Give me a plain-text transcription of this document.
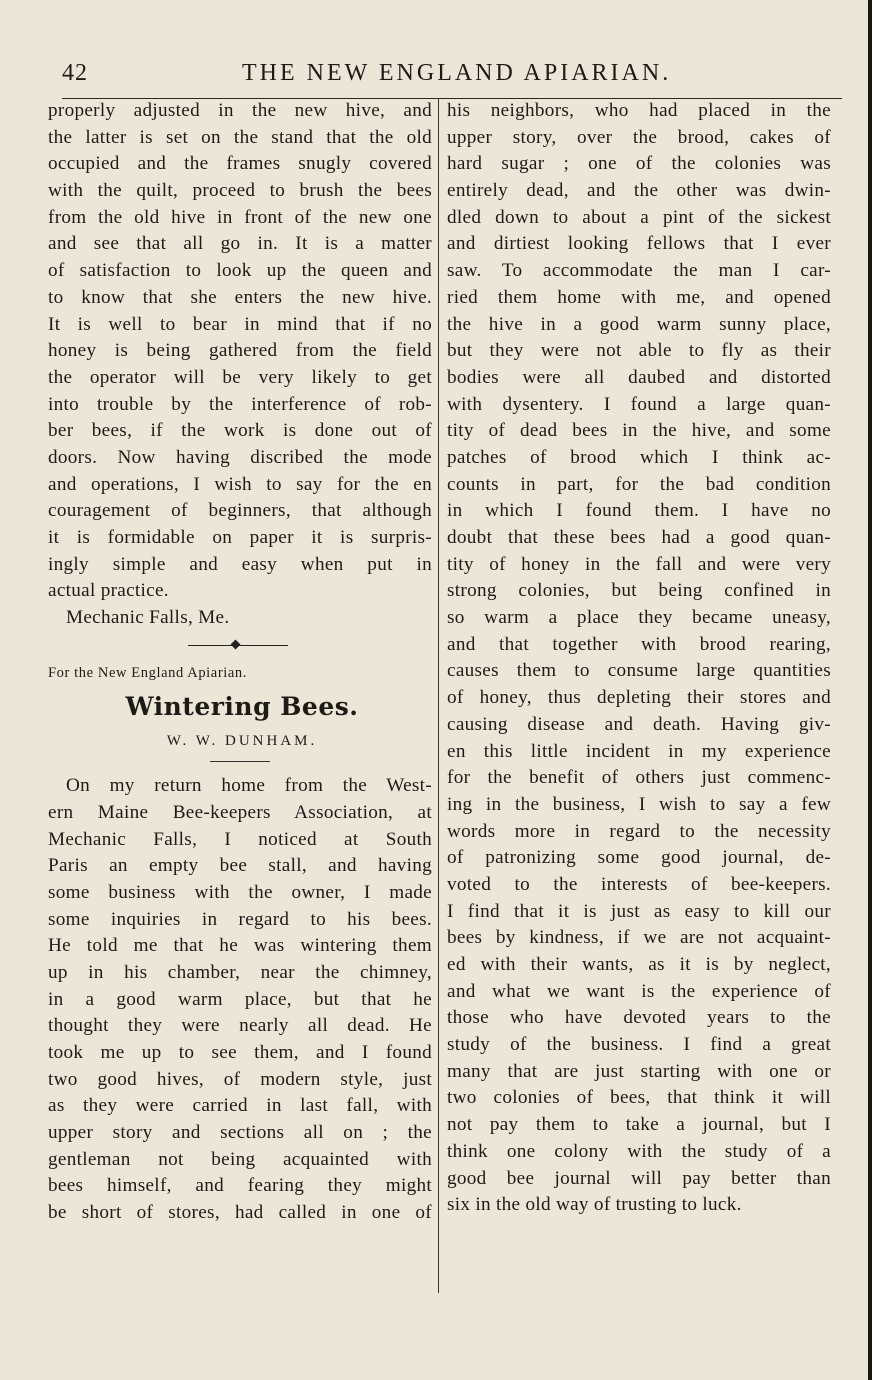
42	THE NEW ENGLAND APIARIAN.
properly adjusted in the new hive, and
the latter is set on the stand that the old
occupied and the frames snugly covered
with the quilt, proceed to brush the bees
from the old hive in front of the new one
and see that all go in. It is a matter
of satisfaction to look up the queen and
to know that she enters the new hive.
It is well to bear in mind that if no
honey is being gathered from the field
the operator will be very likely to get
into trouble by the interference of rob-
ber bees, if the work is done out of
doors. Now having discribed the mode
and operations, I wish to say for the en
couragement of beginners, that although
it is formidable on paper it is surpris-
ingly simple and easy when put in
actual practice.
Mechanic Falls, Me.
For the New England Apiarian.
Wintering Bees.
W. W. DUNHAM.
On my return home from the West-
ern Maine Bee-keepers Association, at
Mechanic Falls, I noticed at South
Paris an empty bee stall, and having
some business with the owner, I made
some inquiries in regard to his bees.
He told me that he was wintering them
up in his chamber, near the chimney,
in a good warm place, but that he
thought they were nearly all dead. He
took me up to see them, and I found
two good hives, of modern style, just
as they were carried in last fall, with
upper story and sections all on ; the
gentleman not being acquainted with
bees himself, and fearing they might
be short of stores, had called in one of
his neighbors, who had placed in the
upper story, over the brood, cakes of
hard sugar ; one of the colonies was
entirely dead, and the other was dwin-
dled down to about a pint of the sickest
and dirtiest looking fellows that I ever
saw. To accommodate the man I car-
ried them home with me, and opened
the hive in a good warm sunny place,
but they were not able to fly as their
bodies were all daubed and distorted
with dysentery. I found a large quan-
tity of dead bees in the hive, and some
patches of brood which I think ac-
counts in part, for the bad condition
in which I found them. I have no
doubt that these bees had a good quan-
tity of honey in the fall and were very
strong colonies, but being confined in
so warm a place they became uneasy,
and that together with brood rearing,
causes them to consume large quantities
of honey, thus depleting their stores and
causing disease and death. Having giv-
en this little incident in my experience
for the benefit of others just commenc-
ing in the business, I wish to say a few
words more in regard to the necessity
of patronizing some good journal, de-
voted to the interests of bee-keepers.
I find that it is just as easy to kill our
bees by kindness, if we are not acquaint-
ed with their wants, as it is by neglect,
and what we want is the experience of
those who have devoted years to the
study of the business. I find a great
many that are just starting with one or
two colonies of bees, that think it will
not pay them to take a journal, but I
think one colony with the study of a
good bee journal will pay better than
six in the old way of trusting to luck.
